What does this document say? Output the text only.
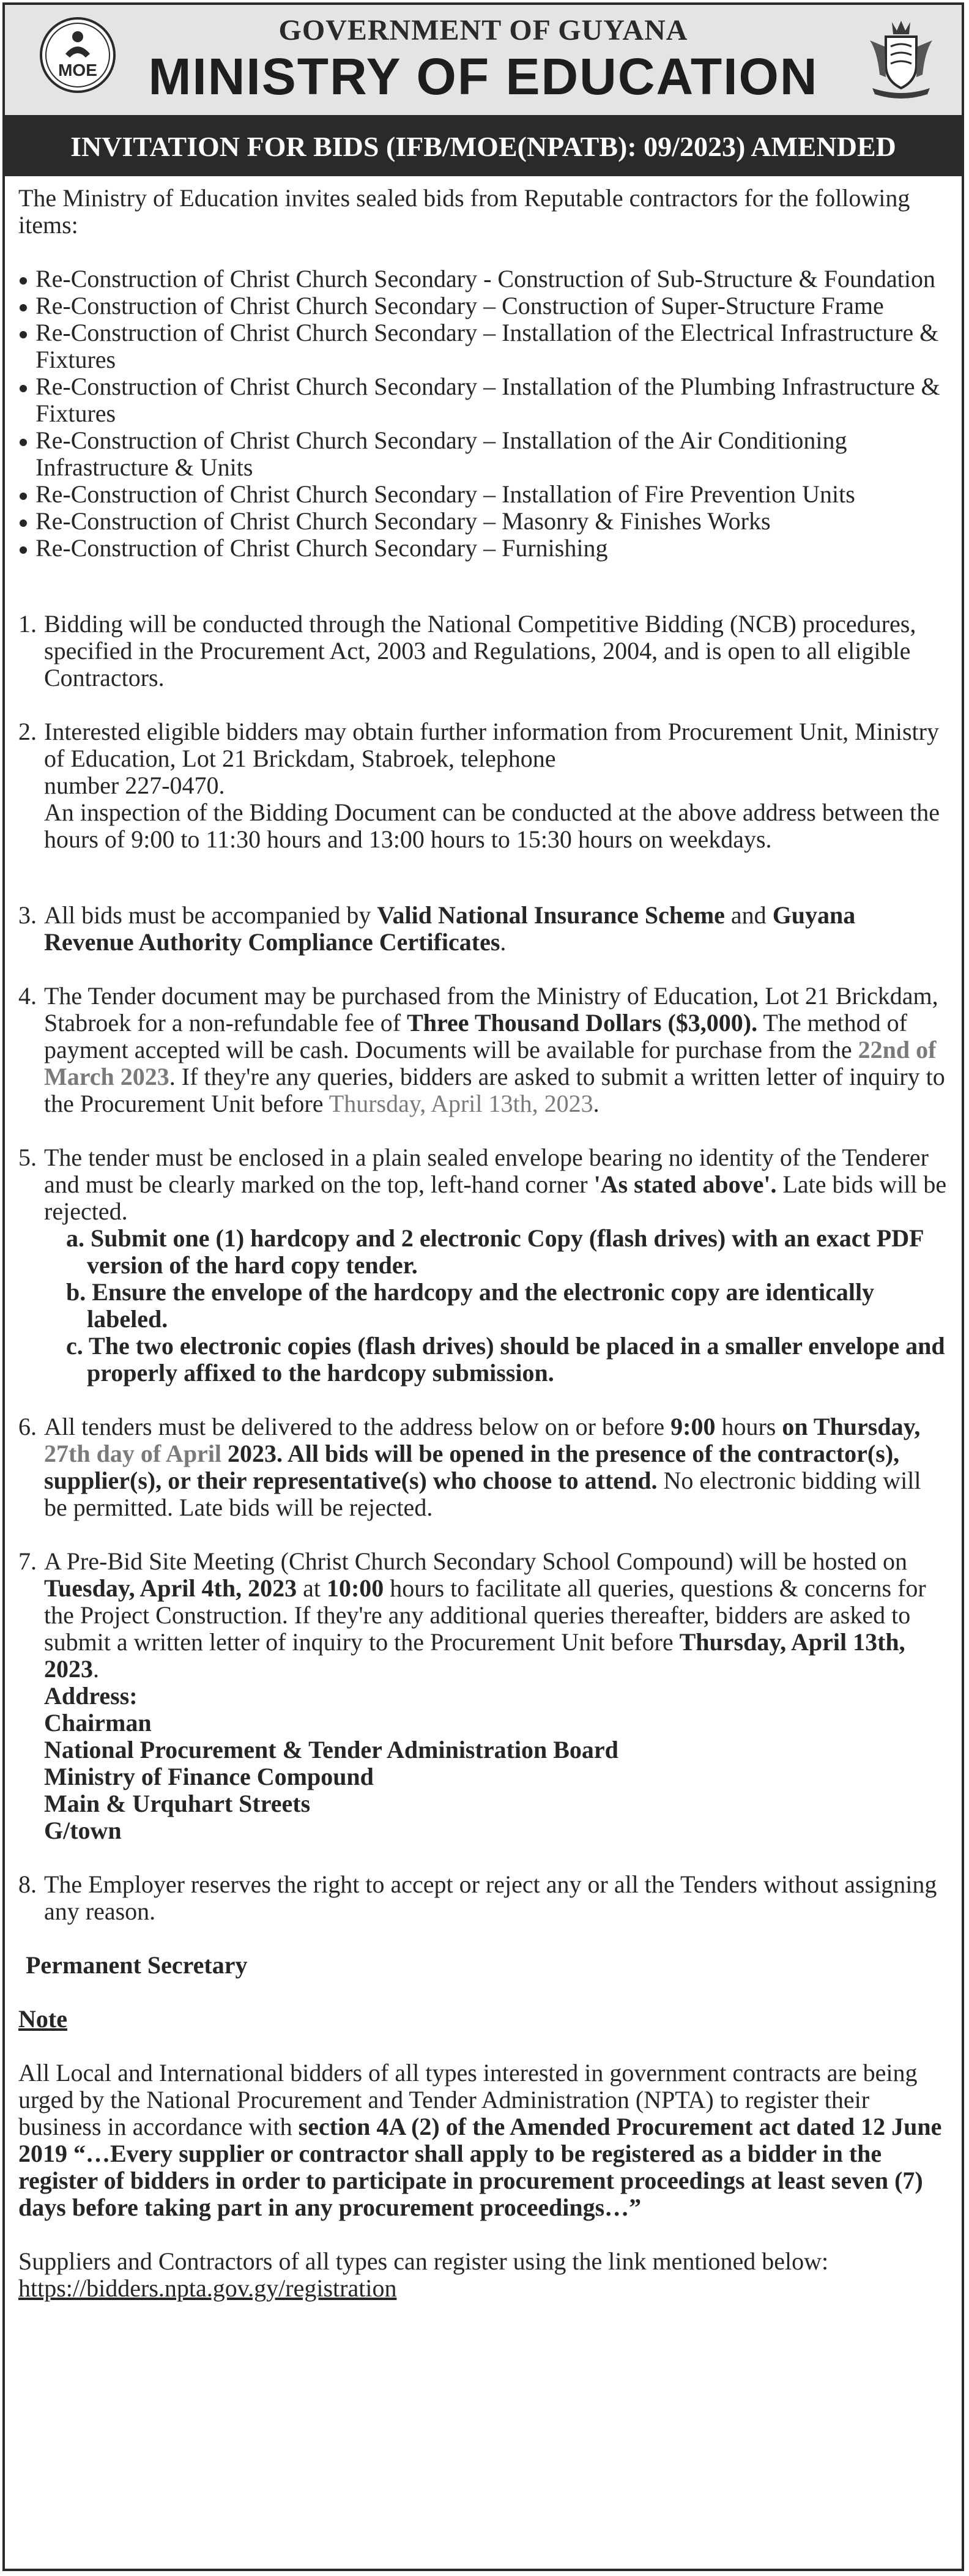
MOE
GOVERNMENT OF GUYANA
MINISTRY OF EDUCATION
INVITATION FOR BIDS (IFB/MOE(NPATB): 09/2023) AMENDED

The Ministry of Education invites sealed bids from Reputable contractors for the following items:

Re-Construction of Christ Church Secondary - Construction of Sub-Structure & Foundation
Re-Construction of Christ Church Secondary – Construction of Super-Structure Frame
Re-Construction of Christ Church Secondary – Installation of the Electrical Infrastructure & Fixtures
Re-Construction of Christ Church Secondary – Installation of the Plumbing Infrastructure & Fixtures
Re-Construction of Christ Church Secondary – Installation of the Air Conditioning Infrastructure & Units
Re-Construction of Christ Church Secondary – Installation of Fire Prevention Units
Re-Construction of Christ Church Secondary – Masonry & Finishes Works
Re-Construction of Christ Church Secondary – Furnishing
1. Bidding will be conducted through the National Competitive Bidding (NCB) procedures, specified in the Procurement Act, 2003 and Regulations, 2004, and is open to all eligible Contractors.
2. Interested eligible bidders may obtain further information from Procurement Unit, Ministry of Education, Lot 21 Brickdam, Stabroek, telephone
number 227-0470.
An inspection of the Bidding Document can be conducted at the above address between the hours of 9:00 to 11:30 hours and 13:00 hours to 15:30 hours on weekdays.
3. All bids must be accompanied by Valid National Insurance Scheme and Guyana Revenue Authority Compliance Certificates.
4. The Tender document may be purchased from the Ministry of Education, Lot 21 Brickdam, Stabroek for a non-refundable fee of Three Thousand Dollars ($3,000). The method of payment accepted will be cash. Documents will be available for purchase from the 22nd of March 2023. If they're any queries, bidders are asked to submit a written letter of inquiry to the Procurement Unit before Thursday, April 13th, 2023.
5. The tender must be enclosed in a plain sealed envelope bearing no identity of the Tenderer and must be clearly marked on the top, left-hand corner 'As stated above'. Late bids will be rejected.

a. Submit one (1) hardcopy and 2 electronic Copy (flash drives) with an exact PDF version of the hard copy tender.

b. Ensure the envelope of the hardcopy and the electronic copy are identically labeled.

c. The two electronic copies (flash drives) should be placed in a smaller envelope and properly affixed to the hardcopy submission.

6. All tenders must be delivered to the address below on or before 9:00 hours on Thursday, 27th day of April 2023. All bids will be opened in the presence of the contractor(s), supplier(s), or their representative(s) who choose to attend. No electronic bidding will be permitted. Late bids will be rejected.
7. A Pre-Bid Site Meeting (Christ Church Secondary School Compound) will be hosted on Tuesday, April 4th, 2023 at 10:00 hours to facilitate all queries, questions & concerns for the Project Construction. If they're any additional queries thereafter, bidders are asked to submit a written letter of inquiry to the Procurement Unit before Thursday, April 13th, 2023.
Address:
Chairman
National Procurement & Tender Administration Board
Ministry of Finance Compound
Main & Urquhart Streets
G/town
8. The Employer reserves the right to accept or reject any or all the Tenders without assigning any reason.

Permanent Secretary

Note

All Local and International bidders of all types interested in government contracts are being urged by the National Procurement and Tender Administration (NPTA) to register their business in accordance with section 4A (2) of the Amended Procurement act dated 12 June 2019 “…Every supplier or contractor shall apply to be registered as a bidder in the register of bidders in order to participate in procurement proceedings at least seven (7) days before taking part in any procurement proceedings…”

Suppliers and Contractors of all types can register using the link mentioned below:
https://bidders.npta.gov.gy/registration
